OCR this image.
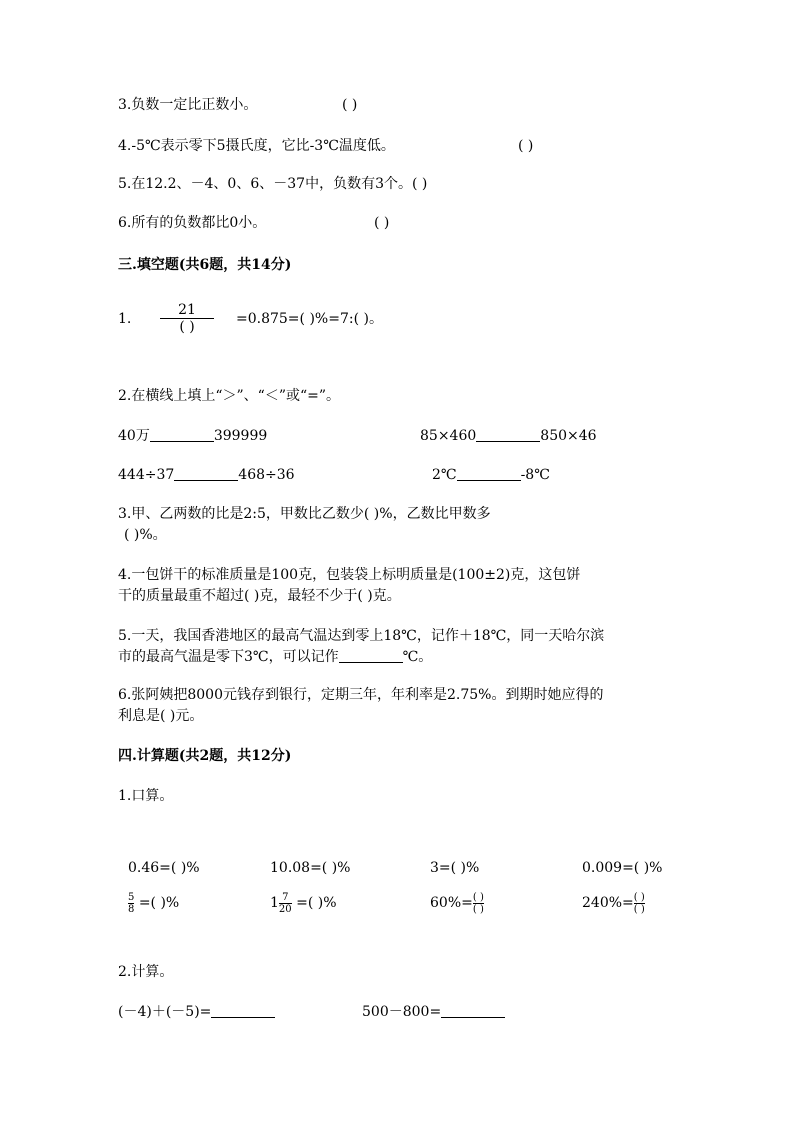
3.负数一定比正数小。	( )
4.-5℃表示零下5摄氏度，它比-3℃温度低。	( )
5.在12.2、－4、0、6、－37中，负数有3个。( )
6.所有的负数都比0小。	( )
三.填空题(共6题，共14分)
1.
21
( )	=0.875=( )%=7:( )。
2.在横线上填上“＞”、“＜”或“=”。
40万	399999	85×460	850×46
444÷37	468÷36	2℃	-8℃
3.甲、乙两数的比是2:5，甲数比乙数少( )%，乙数比甲数多
( )%。
4.一包饼干的标准质量是100克，包装袋上标明质量是(100±2)克，这包饼
干的质量最重不超过( )克，最轻不少于( )克。
5.一天，我国香港地区的最高气温达到零上18℃，记作＋18℃，同一天哈尔滨
市的最高气温是零下3℃，可以记作	℃。
6.张阿姨把8000元钱存到银行，定期三年，年利率是2.75%。到期时她应得的
利息是( )元。
四.计算题(共2题，共12分)
1.口算。
0.46=( )%	10.08=( )%	3=( )%	0.009=( )%
$\frac{5}{8}$ =( )%	$1 \frac{7}{20}$ =( )%	$60\%= \frac{( )}{( )}$	$240\%= \frac{( )}{( )}$
2.计算。
(－4)＋(－5)=	500－800=
